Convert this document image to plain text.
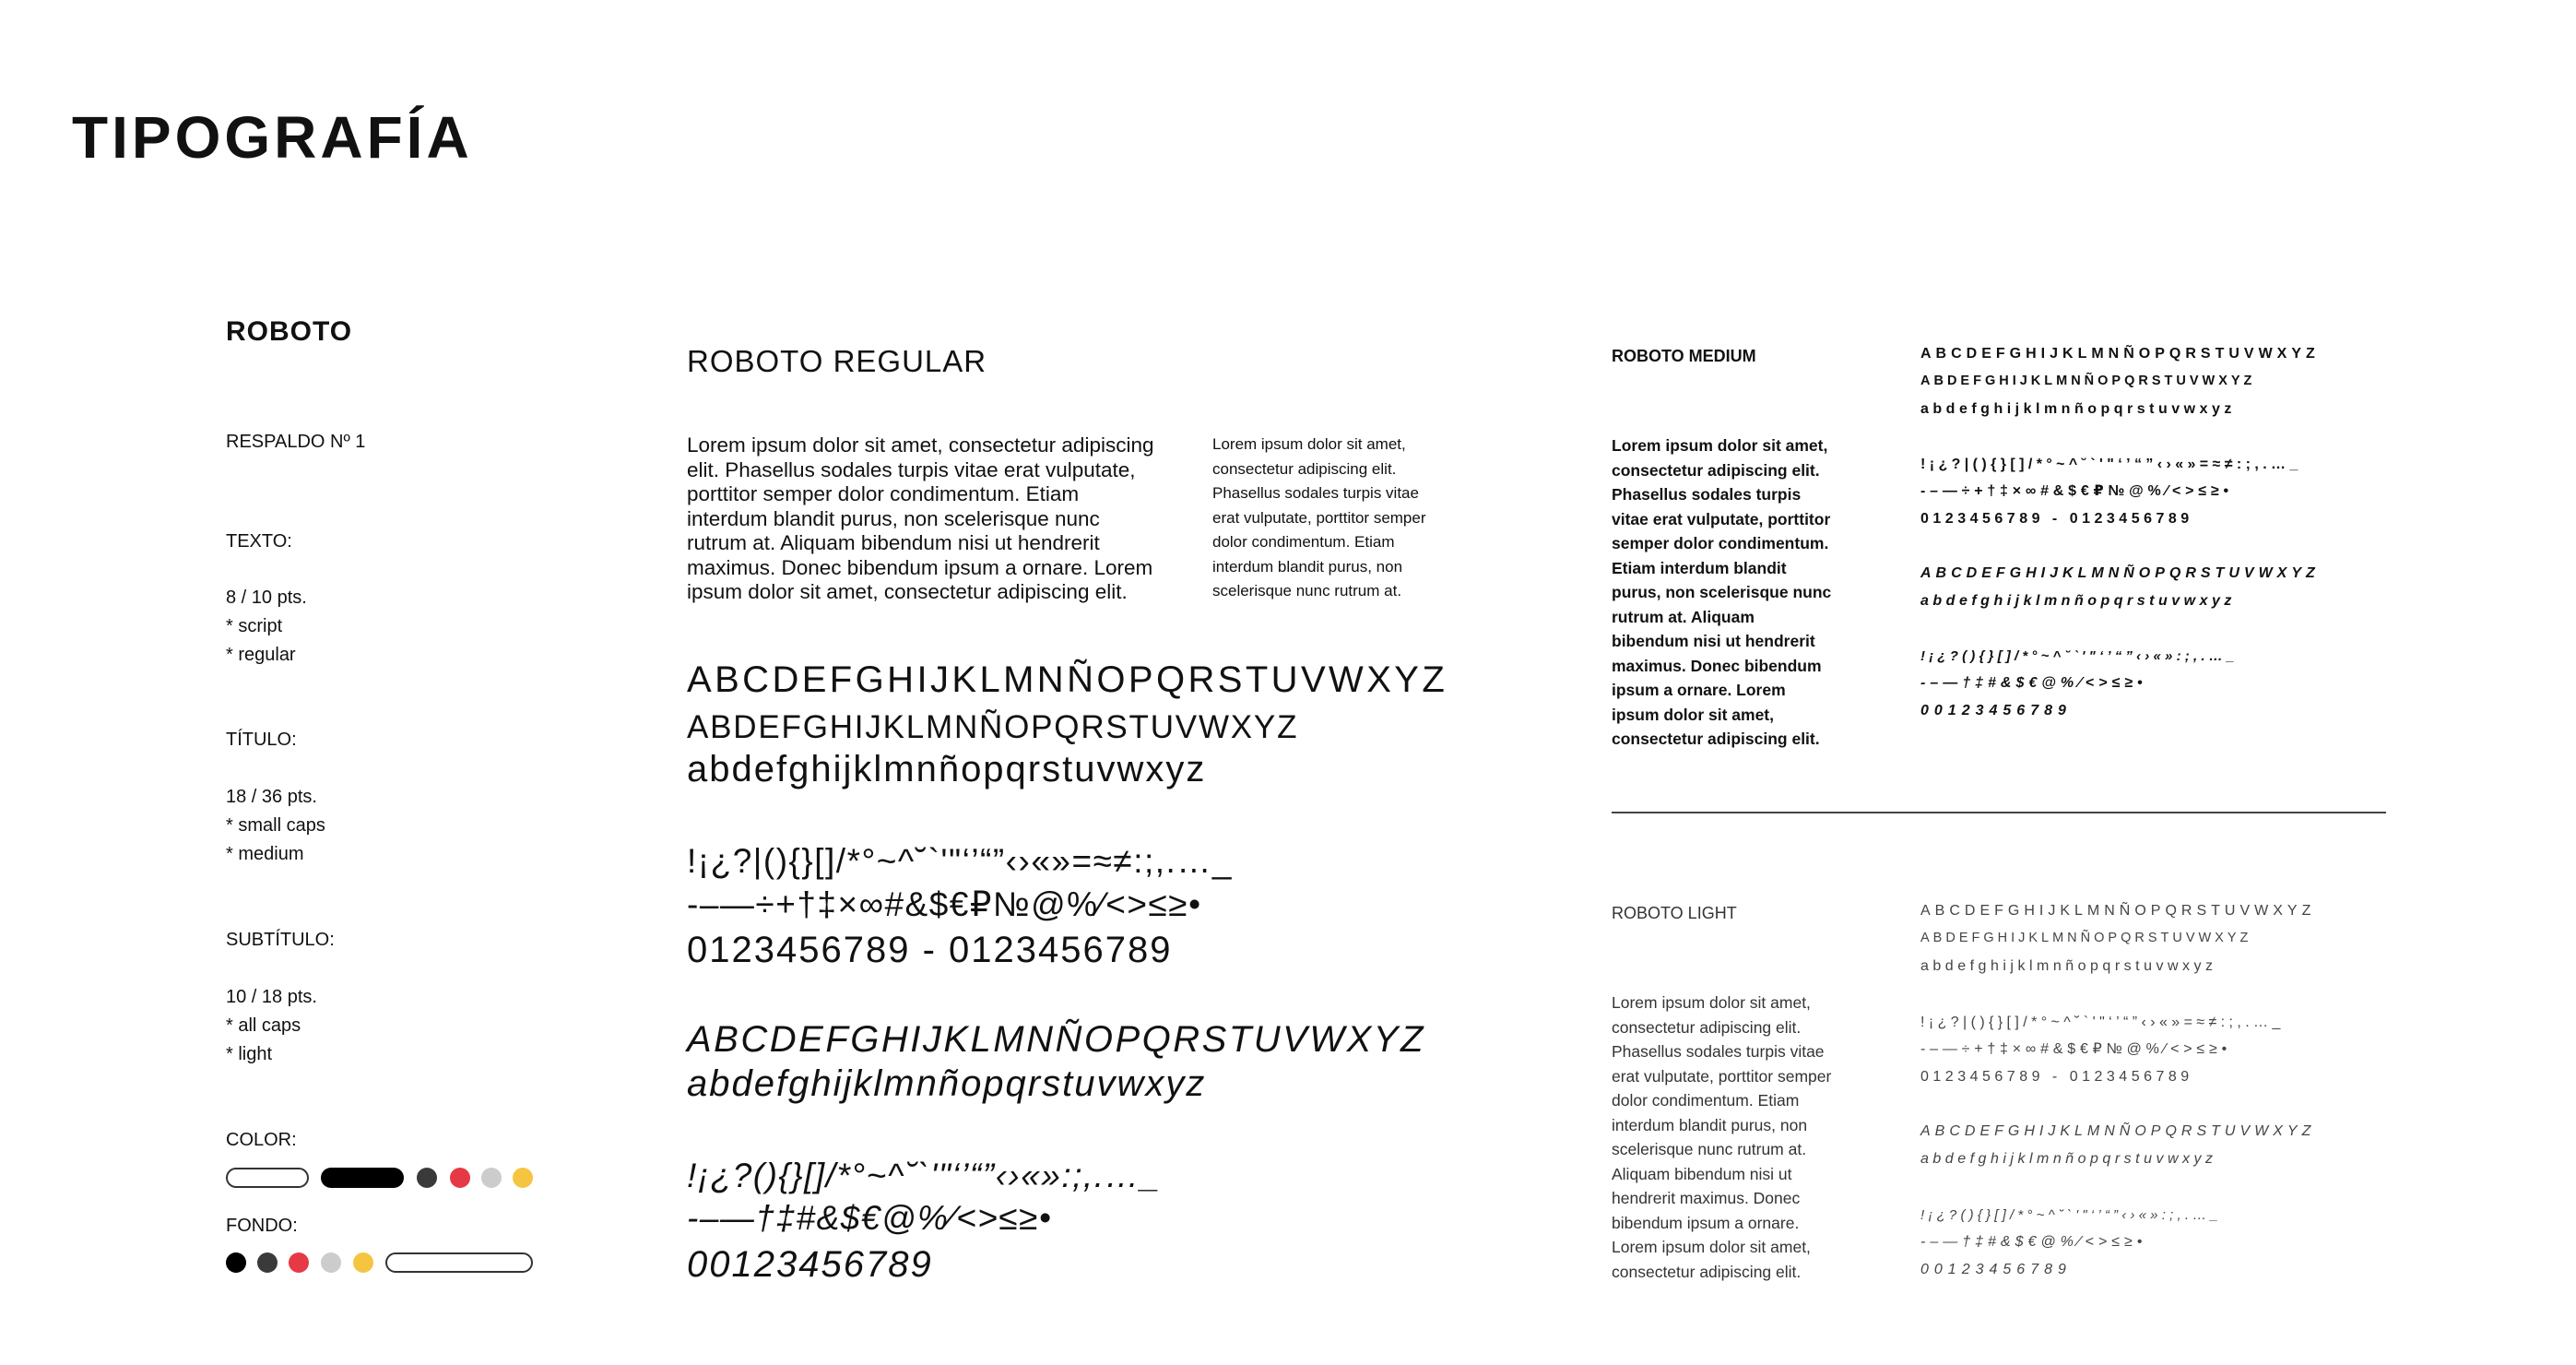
TIPOGRAFÍA
ROBOTO
RESPALDO Nº 1
TEXTO:
8 / 10 pts.
* script
* regular
TÍTULO:
18 / 36 pts.
* small caps
* medium
SUBTÍTULO:
10 / 18 pts.
* all caps
* light
COLOR:
FONDO:
ROBOTO REGULAR
Lorem ipsum dolor sit amet, consectetur adipiscing elit. Phasellus sodales turpis vitae erat vulputate, porttitor semper dolor condimentum. Etiam interdum blandit purus, non scelerisque nunc rutrum at. Aliquam bibendum nisi ut hendrerit maximus. Donec bibendum ipsum a ornare. Lorem ipsum dolor sit amet, consectetur adipiscing elit.
Lorem ipsum dolor sit amet, consectetur adipiscing elit. Phasellus sodales turpis vitae erat vulputate, porttitor semper dolor condimentum. Etiam interdum blandit purus, non scelerisque nunc rutrum at.
ABCDEFGHIJKLMNÑOPQRSTUVWXYZ
ABDEFGHIJKLMNÑOPQRSTUVWXYZ
abdefghijklmnñopqrstuvwxyz
!¡¿?|(){}[]/*°~^˘`'"‘’“”‹›«»=≈≠:;,.…_
-–—÷+†‡×∞#&$€₽№@%⁄<>≤≥•
0123456789 - 0123456789
ABCDEFGHIJKLMNÑOPQRSTUVWXYZ
abdefghijklmnñopqrstuvwxyz
!¡¿?(){}[]/*°~^˘`'"‘’“”‹›«»:;,.…_
-–—†‡#&$€@%⁄<>≤≥•
00123456789
ROBOTO MEDIUM
Lorem ipsum dolor sit amet, consectetur adipiscing elit. Phasellus sodales turpis vitae erat vulputate, porttitor semper dolor condimentum. Etiam interdum blandit purus, non scelerisque nunc rutrum at. Aliquam bibendum nisi ut hendrerit maximus. Donec bibendum ipsum a ornare. Lorem ipsum dolor sit amet, consectetur adipiscing elit.
ABCDEFGHIJKLMNÑOPQRSTUVWXYZ
ABDEFGHIJKLMNÑOPQRSTUVWXYZ
abdefghijklmnñopqrstuvwxyz
!¡¿?|(){}[]/*°~^˘`'"‘’“”‹›«»=≈≠:;,.…_
-–—÷+†‡×∞#&$€₽№@%⁄<>≤≥•
0123456789 - 0123456789
ABCDEFGHIJKLMNÑOPQRSTUVWXYZ
abdefghijklmnñopqrstuvwxyz
!¡¿?(){}[]/*°~^˘`'"‘’“”‹›«»:;,.…_
-–—†‡#&$€@%⁄<>≤≥•
00123456789
ROBOTO LIGHT
Lorem ipsum dolor sit amet, consectetur adipiscing elit. Phasellus sodales turpis vitae erat vulputate, porttitor semper dolor condimentum. Etiam interdum blandit purus, non scelerisque nunc rutrum at. Aliquam bibendum nisi ut hendrerit maximus. Donec bibendum ipsum a ornare. Lorem ipsum dolor sit amet, consectetur adipiscing elit.
ABCDEFGHIJKLMNÑOPQRSTUVWXYZ
ABDEFGHIJKLMNÑOPQRSTUVWXYZ
abdefghijklmnñopqrstuvwxyz
!¡¿?|(){}[]/*°~^˘`'"‘’“”‹›«»=≈≠:;,.…_
-–—÷+†‡×∞#&$€₽№@%⁄<>≤≥•
0123456789 - 0123456789
ABCDEFGHIJKLMNÑOPQRSTUVWXYZ
abdefghijklmnñopqrstuvwxyz
!¡¿?(){}[]/*°~^˘`'"‘’“”‹›«»:;,.…_
-–—†‡#&$€@%⁄<>≤≥•
00123456789
